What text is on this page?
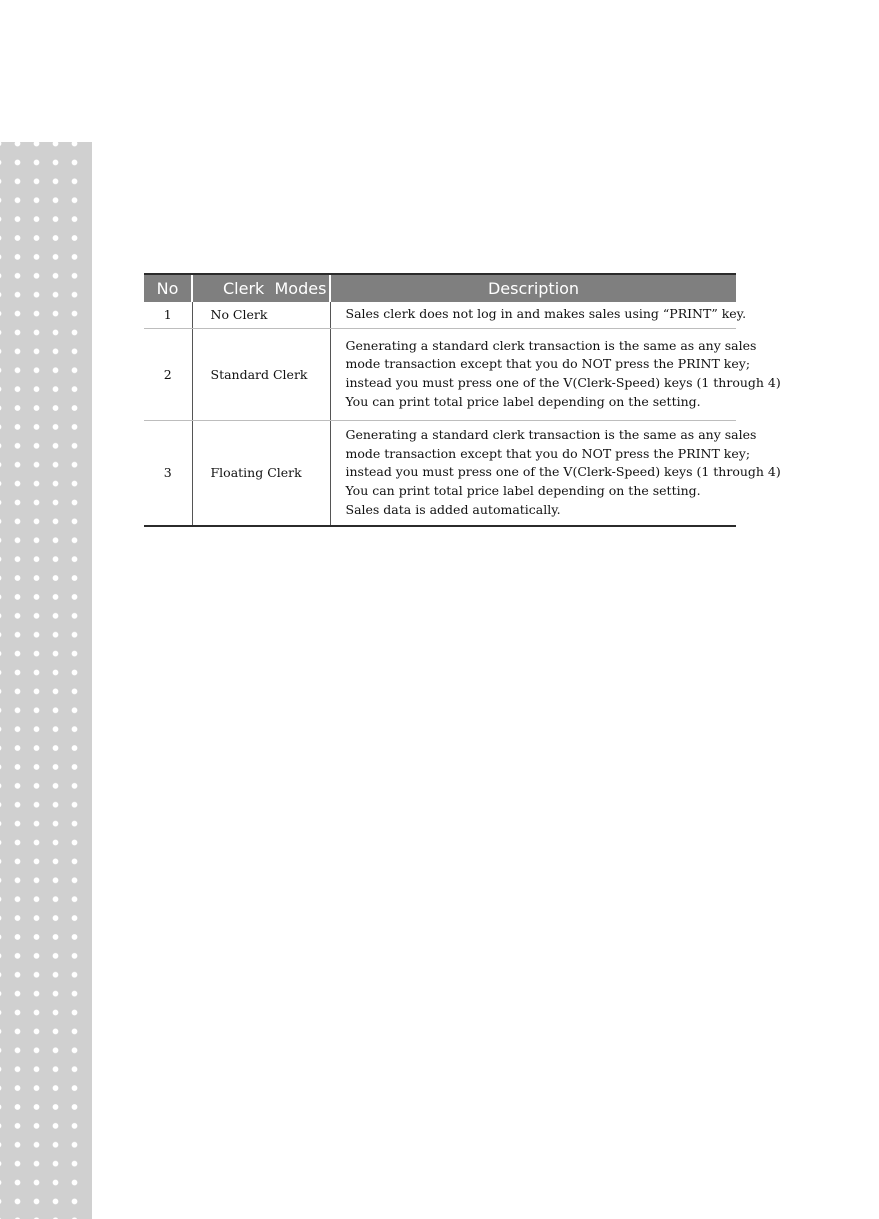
No	Clerk  Modes	Description
1	No Clerk	Sales clerk does not log in and makes sales using “PRINT” key.

2	Standard Clerk	Generating a standard clerk transaction is the same as any sales
mode transaction except that you do NOT press the PRINT key;
instead you must press one of the V(Clerk-Speed) keys (1 through 4)
You can print total price label depending on the setting.

3	Floating Clerk	Generating a standard clerk transaction is the same as any sales
mode transaction except that you do NOT press the PRINT key;
instead you must press one of the V(Clerk-Speed) keys (1 through 4)
You can print total price label depending on the setting.
Sales data is added automatically.
